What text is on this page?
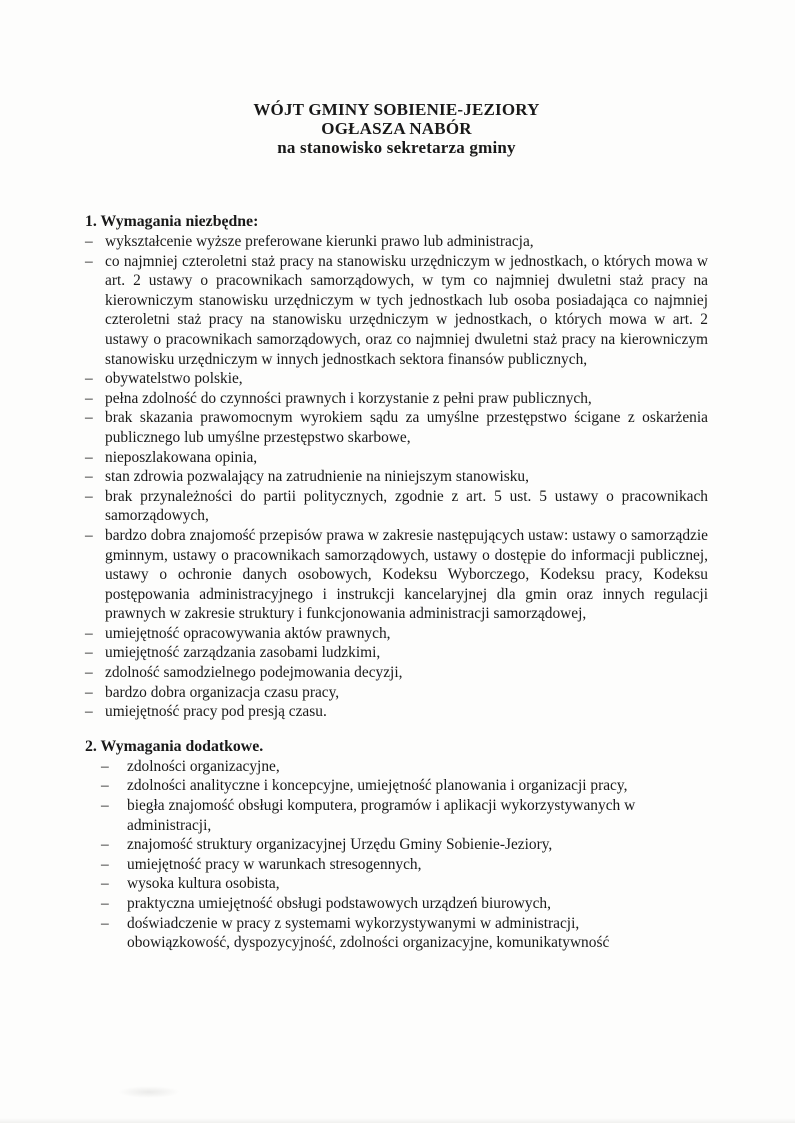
WÓJT GMINY SOBIENIE-JEZIORY
OGŁASZA NABÓR
na stanowisko sekretarza gminy
1. Wymagania niezbędne:
– wykształcenie wyższe preferowane kierunki prawo lub administracja,
– co najmniej czteroletni staż pracy na stanowisku urzędniczym w jednostkach, o których mowa w art. 2 ustawy o pracownikach samorządowych, w tym co najmniej dwuletni staż pracy na kierowniczym stanowisku urzędniczym w tych jednostkach lub osoba posiadająca co najmniej czteroletni staż pracy na stanowisku urzędniczym w jednostkach, o których mowa w art. 2 ustawy o pracownikach samorządowych, oraz co najmniej dwuletni staż pracy na kierowniczym stanowisku urzędniczym w innych jednostkach sektora finansów publicznych,
– obywatelstwo polskie,
– pełna zdolność do czynności prawnych i korzystanie z pełni praw publicznych,
– brak skazania prawomocnym wyrokiem sądu za umyślne przestępstwo ścigane z oskarżenia publicznego lub umyślne przestępstwo skarbowe,
– nieposzlakowana opinia,
– stan zdrowia pozwalający na zatrudnienie na niniejszym stanowisku,
– brak przynależności do partii politycznych, zgodnie z art. 5 ust. 5 ustawy o pracownikach samorządowych,
– bardzo dobra znajomość przepisów prawa w zakresie następujących ustaw: ustawy o samorządzie gminnym, ustawy o pracownikach samorządowych, ustawy o dostępie do informacji publicznej, ustawy o ochronie danych osobowych, Kodeksu Wyborczego, Kodeksu pracy, Kodeksu postępowania administracyjnego i instrukcji kancelaryjnej dla gmin oraz innych regulacji prawnych w zakresie struktury i funkcjonowania administracji samorządowej,
– umiejętność opracowywania aktów prawnych,
– umiejętność zarządzania zasobami ludzkimi,
– zdolność samodzielnego podejmowania decyzji,
– bardzo dobra organizacja czasu pracy,
– umiejętność pracy pod presją czasu.
2. Wymagania dodatkowe.
–	zdolności organizacyjne,
–	zdolności analityczne i koncepcyjne, umiejętność planowania i organizacji pracy,
–	biegła znajomość obsługi komputera, programów i aplikacji wykorzystywanych w administracji,
–	znajomość struktury organizacyjnej Urzędu Gminy Sobienie-Jeziory,
–	umiejętność pracy w warunkach stresogennych,
–	wysoka kultura osobista,
–	praktyczna umiejętność obsługi podstawowych urządzeń biurowych,
–	doświadczenie w pracy z systemami wykorzystywanymi w administracji,
obowiązkowość, dyspozycyjność, zdolności organizacyjne, komunikatywność
